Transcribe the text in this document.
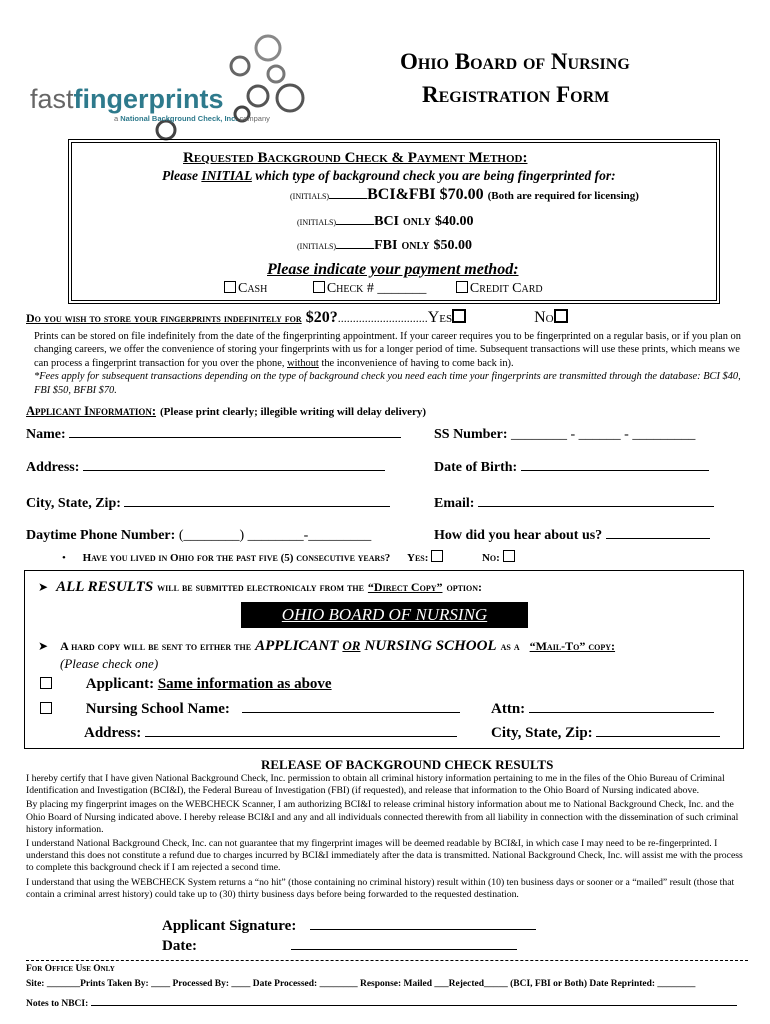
fastfingerprints
a National Background Check, Inc. company
Ohio Board of Nursing
Registration Form
Requested Background Check & Payment Method:
Please INITIAL which type of background check you are being fingerprinted for:
(INITIALS) BCI&FBI $70.00 (Both are required for licensing)
(INITIALS)	BCI ONLY $40.00
(INITIALS)	FBI ONLY $50.00
Please indicate your payment method:
Cash	Check # _______	Credit Card
Do you wish to store your fingerprints indefinitely for $20?..............................Yes	No
Prints can be stored on file indefinitely from the date of the fingerprinting appointment. If your career requires you to be fingerprinted on a regular basis, or if you plan on changing careers, we offer the convenience of storing your fingerprints with us for a longer period of time. Subsequent transactions will use these prints, which means we can process a fingerprint transaction for you over the phone, without the inconvenience of having to come back in).
*Fees apply for subsequent transactions depending on the type of background check you need each time your fingerprints are transmitted through the database: BCI $40, FBI $50, BFBI $70.
Applicant Information: (Please print clearly; illegible writing will delay delivery)
Name:	SS Number: ________ - ______ - _________
Address:	Date of Birth:
City, State, Zip:	Email:
Daytime Phone Number: (________) ________-_________	How did you hear about us?
• Have you lived in Ohio for the past five (5) consecutive years? Yes:	No:
➤ ALL RESULTS will be submitted electronicaly from the “Direct Copy” option:
OHIO BOARD OF NURSING
➤ A hard copy will be sent to either the APPLICANT OR NURSING SCHOOL as a “Mail-To” copy:
(Please check one)
Applicant: Same information as above
Nursing School Name:	Attn:
Address:	City, State, Zip:
RELEASE OF BACKGROUND CHECK RESULTS
I hereby certify that I have given National Background Check, Inc. permission to obtain all criminal history information pertaining to me in the files of the Ohio Bureau of Criminal Identification and Investigation (BCI&I), the Federal Bureau of Investigation (FBI) (if requested), and release that information to the Ohio Board of Nursing indicated above.
By placing my fingerprint images on the WEBCHECK Scanner, I am authorizing BCI&I to release criminal history information about me to National Background Check, Inc. and the Ohio Board of Nursing indicated above. I hereby release BCI&I and any and all individuals connected therewith from all liability in connection with the dissemination of such criminal history information.
I understand National Background Check, Inc. can not guarantee that my fingerprint images will be deemed readable by BCI&I, in which case I may need to be re-fingerprinted. I understand this does not constitute a refund due to charges incurred by BCI&I immediately after the data is transmitted. National Background Check, Inc. will assist me with the process to complete this background check if I am rejected a second time.
I understand that using the WEBCHECK System returns a “no hit” (those containing no criminal history) result within (10) ten business days or sooner or a “mailed” result (those that contain a criminal arrest history) could take up to (30) thirty business days before being forwarded to the requested destination.
Applicant Signature:
Date:
For Office Use Only
Site: _______Prints Taken By: ____ Processed By: ____ Date Processed: ________ Response: Mailed ___Rejected_____ (BCI, FBI or Both) Date Reprinted: ________
Notes to NBCI:
